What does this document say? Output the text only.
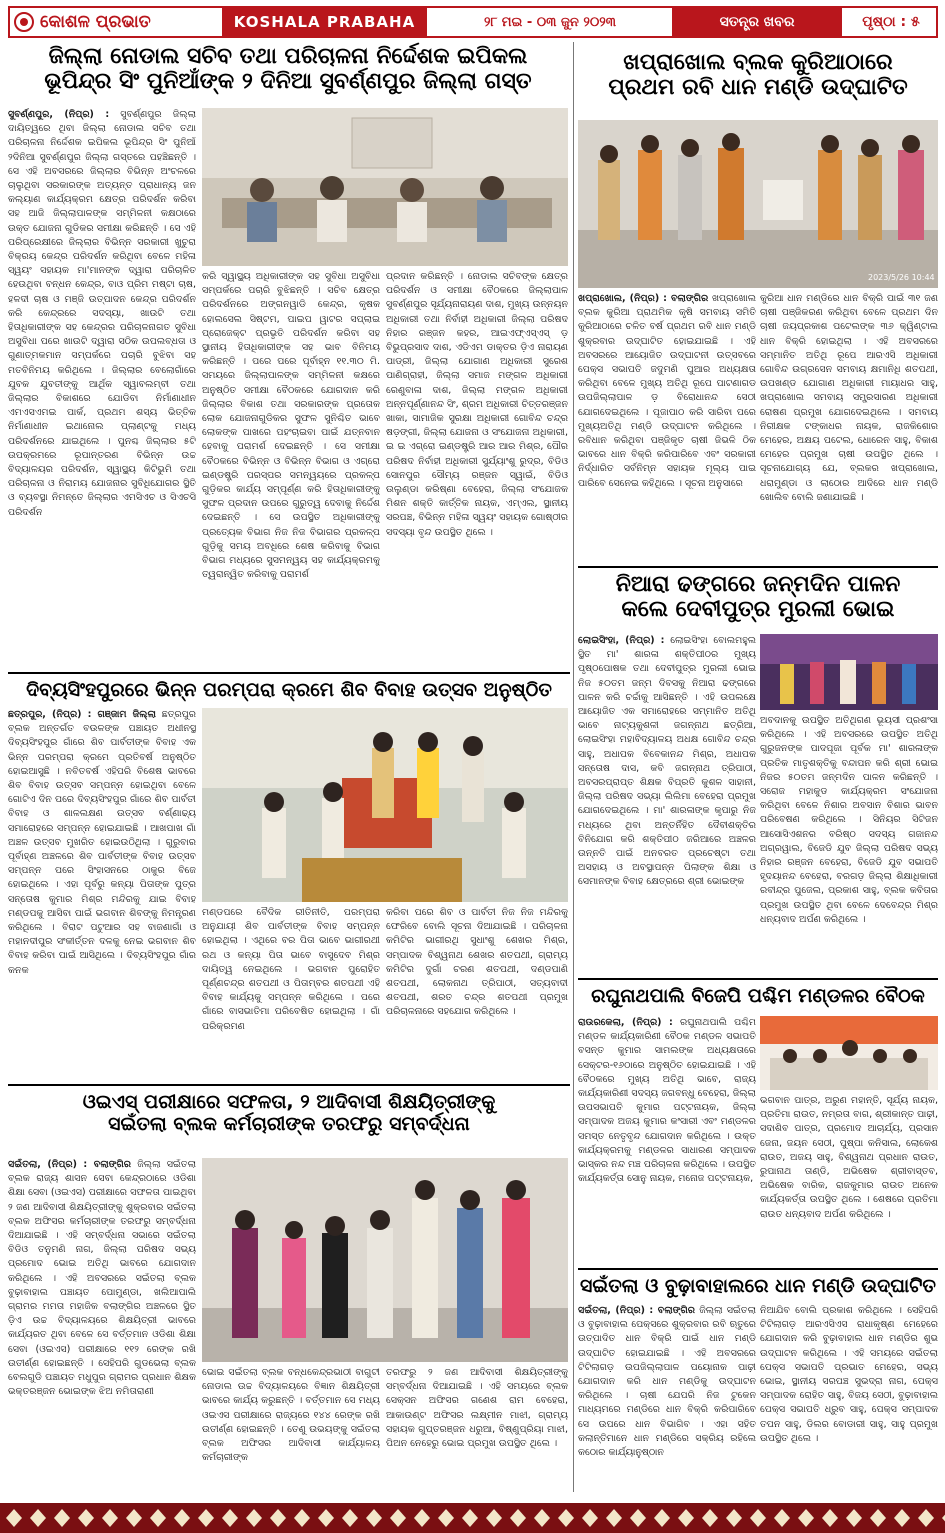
କୋଶଳ ପ୍ରଭାତ	KOSHALA PRABAHA	୨୮ ମଇ - ୦୩ ଜୁନ ୨୦୨୩	ସତନ୍ତ୍ର ଖବର	ପୃଷ୍ଠା : ୫
ଜିଲ୍ଲା ନୋଡାଲ ସଚିବ ତଥା ପରିଚାଳନା ନିର୍ଦ୍ଦେଶକ ଇପିକଲ
ଭୂପିନ୍ଦ୍ର ସିଂ ପୁନିଆଁଙ୍କ ୨ ଦିନିଆ ସୁବର୍ଣ୍ଣପୁର ଜିଲ୍ଲା ଗସ୍ତ
ସୁବର୍ଣ୍ଣପୁର, (ନିପ୍ର) : ସୁବର୍ଣ୍ଣପୁର ଜିଲ୍ଲା ଦାୟିତ୍ୱରେ ଥିବା ଜିଲ୍ଲା ନୋଡାଲ ସଚିବ ତଥା ପରିଚାଳନା ନିର୍ଦ୍ଦେଶକ ଇପିକଲ ଭୂପିନ୍ଦ୍ର ସିଂ ପୁନିଆଁ ୨ଦିନିଆ ସୁବର୍ଣ୍ଣପୁର ଜିଲ୍ଲା ଗସ୍ତରେ ପହଞ୍ଚିଛନ୍ତି । ସେ ଏହି ଅବସରରେ ଜିଲ୍ଲାର ବିଭିନ୍ନ ଅଂଚଳରେ ଚାଲୁଥିବା ସରକାରଙ୍କ ଅତ୍ୟନ୍ତ ପ୍ରାଧାନ୍ୟ ଜନ କଲ୍ୟାଣ କାର୍ଯ୍ୟକ୍ରମ କ୍ଷେତ୍ର ପରିଦର୍ଶନ କରିବା ସହ ଆଜି ଜିଲ୍ଲାପାଳଙ୍କ ସମ୍ମିଳନୀ କକ୍ଷଠାରେ ଉକ୍ତ ଯୋଜନା ଗୁଡିକର ସମୀକ୍ଷା କରିଛନ୍ତି । ସେ ଏହି ପରିପ୍ରେକ୍ଷୀରେ ଜିଲ୍ଲାର ବିଭିନ୍ନ ସରକାରୀ ଖୁଚୁରା ବିକ୍ରୟ କେନ୍ଦ୍ର ପରିଦର୍ଶନ କରିଥିବା ବେଳେ ମହିଳା ସ୍ୱୟଂ ସହାୟକ ମା'ମାନଙ୍କ ଦ୍ୱାରା ପରିଚାଳିତ ହେଉଥିବା ବନ୍ଧନ କେନ୍ଦ୍ର, ବାଓ ପ୍ରିମ ମଷ୍ଟା ଚାଷ, ହଳଦୀ ଚାଷ ଓ ମଞ୍ଜି ଉତ୍ପାଦନ କେନ୍ଦ୍ର ପରିଦର୍ଶନ କରି କେନ୍ଦ୍ରରେ ସଦସ୍ୟା, ଖାଉଟି ତଥା ହିତାଧିକାରୀଙ୍କ ସହ କେନ୍ଦ୍ରର ପରିଚାଳନାଗତ ସୁବିଧା ଅସୁବିଧା ପରେ ଖାଉଟି ଦ୍ୱାରା ସଠିକ ଉପଲବ୍ଧତା ଓ ଗୁଣାତ୍ମକମାନ ସମ୍ପର୍କରେ ପଚାରି ବୁଝିବା ସହ ମତବିନିମୟ କରିଥିଲେ । ଜିଲ୍ଲାର ବେଲୋଗାଁରେ ଯୁବକ ଯୁବତୀଙ୍କୁ ଆର୍ଥିକ ସ୍ୱାବଲମ୍ବୀ ତଥା ଜିଲ୍ଲାର ବିକାଶରେ ଯୋଡିବା ନିର୍ମାଣାଧୀନ ଏମଏସଏମଇ ପାର୍କ, ପ୍ରଥମ ଶସ୍ୟ ଭିତ୍ତିକ ନିର୍ମାଣାଧୀନ ଇଥାନୋଲ ପ୍ଲାଣ୍ଟକୁ ମଧ୍ୟ ପରିଦର୍ଶନରେ ଯାଇଥିଲେ । ପୁନଶ୍ଚ ଜିଲ୍ଲାର ୫ଟି ଉପକ୍ରମରେ ରୂପାନ୍ତରଣ ବିଭିନ୍ନ ଉଚ୍ଚ ବିଦ୍ୟାଳୟର ପରିଦର୍ଶନ, ସ୍ୱାସ୍ଥ୍ୟ କିଟିଭୁମି ତଥା ପରିଚାଳନା ଓ ନିରାମୟ ଯୋଜନାର ସୁବିଧିଯୋଗର ସ୍ଥିତି ଓ ବ୍ୟବସ୍ଥା ନିମନ୍ତେ ଜିଲ୍ଲାର ଏମସିଏଚ ଓ ସିଏଚସି ପରିଦର୍ଶନ
କରି ସ୍ୱାସ୍ଥ୍ୟ ଅଧିକାରୀଙ୍କ ସହ ସୁବିଧା ଅସୁବିଧା ସମ୍ପର୍କରେ ପଚାରି ବୁଝିଛନ୍ତି । ସଚିବ କ୍ଷେତ୍ର ପରିଦର୍ଶନରେ ଅଙ୍ଗନୱାଡି କେନ୍ଦ୍ର, କୃଷକ ହୋଲସେଲ ସିଷ୍ଟମ, ପାଇପ ୱାଟର ସପ୍ଲାଇ ପ୍ରୋଜେକ୍ଟ ପ୍ରଭୃତି ପରିଦର୍ଶନ କରିବା ସହ ସ୍ଥାନୀୟ ହିତାଧିକାରୀଙ୍କ ସହ ଭାବ ବିନିମୟ କରିଛନ୍ତି । ପରେ ପରେ ପୂର୍ବାହ୍ନ ୧୧.୩୦ ମି. ସମୟରେ ଜିଲ୍ଲାପାଳଙ୍କ ସମ୍ମିଳନୀ କକ୍ଷରେ ଅନୁଷ୍ଠିତ ସମୀକ୍ଷା ବୈଠକରେ ଯୋଗଦାନ କରି ଜିଲ୍ଲାର ବିକାଶ ତଥା ସରକାରଙ୍କ ପ୍ରତୋକ ଲୋକ ଯୋଜନାଗୁଡିକର ସୁଫଳ ସୁନିଶ୍ଚିତ ଭାବେ ଲୋକଙ୍କ ପାଖରେ ପହଂଚାଇବା ପାଇଁ ଯତ୍ନବାନ ହେବାକୁ ପରାମର୍ଶ ଦେଇଛନ୍ତି । ସେ ସମୀକ୍ଷା ବୈଠକରେ ବିଭିନ୍ନ ଓ ବିଭିନ୍ନ ବିଭାଗ ଓ ଏଗ୍ରୋ ଇଣ୍ଡଷ୍ଟ୍ରି ପରସ୍ପର ସମନ୍ୱୟରେ ପ୍ରକଳ୍ପ ଗୁଡ଼ିକର କାର୍ଯ୍ୟ ସମ୍ପୂର୍ଣ୍ଣ କରି ହିତାଧିକାରୀଙ୍କୁ ସୁଫଳ ପ୍ରଦାନ ଉପରେ ଗୁରୁତ୍ୱ ଦେବାକୁ ନିର୍ଦ୍ଦେଶ ଦେଇଛନ୍ତି । ସେ ଉପସ୍ଥିତ ଅଧିକାରୀଙ୍କୁ ପ୍ରତ୍ୟେକ ବିଭାଗ ନିଜ ନିଜ ବିଭାଗର ପ୍ରକଳ୍ପ ଗୁଡ଼ିକୁ ସମୟ ଅବଧିରେ ଶେଷ କରିବାକୁ ବିଭାଗ ବିଭାଗ ମଧ୍ୟରେ ସୁସମନ୍ୱୟ ସହ କାର୍ଯ୍ୟକ୍ରମକୁ ତ୍ୱରାନ୍ୱିତ କରିବାକୁ ପରାମର୍ଶ
ପ୍ରଦାନ କରିଛନ୍ତି । ନୋଡାଲ ସଚିବଙ୍କ କ୍ଷେତ୍ର ପରିଦର୍ଶନ ଓ ସମୀକ୍ଷା ବୈଠକରେ ଜିଲ୍ଲାପାଳ ସୁବର୍ଣ୍ଣପୁର ସୂର୍ଯ୍ୟନାରାୟଣ ଦାଶ, ମୁଖ୍ୟ ଉନ୍ନୟନ ଅଧିକାରୀ ତଥା ନିର୍ବାହୀ ଅଧିକାରୀ ଜିଲ୍ଲା ପରିଷଦ ନିହାର ରଞ୍ଜନ କହର, ଆଇଏଫ୍ଏସ୍ଏସ୍ ଡ଼ ବିଭୁପ୍ରସାଦ ଦାଶ, ଏଡିଏମ ଡାକ୍ତର ଡ଼ିଏ ନାରାୟଣ ପାଡ୍ରୀ, ଜିଲ୍ଲା ଯୋଗାଣ ଅଧିକାରୀ ସୁରେଶ ପାଣିଗ୍ରାହୀ, ଜିଲ୍ଲା ସମାଜ ମଙ୍ଗଳ ଅଧିକାରୀ ରେଣୁବାଳା ଦାଶ, ଜିଲ୍ଲା ମଙ୍ଗଳ ଅଧିକାରୀ ଅନ୍ନପୂର୍ଣ୍ଣାନନ୍ଦ ସିଂ, ଶ୍ରମ ଅଧିକାରୀ ଚିତ୍ତରଞ୍ଜନ ଖାକା, ସାମାଜିକ ସୁରକ୍ଷା ଅଧିକାରୀ ଗୋବିନ୍ଦ ଚନ୍ଦ୍ର ଷଡ଼ଙ୍ଗୀ, ଜିଲ୍ଲା ଯୋଜନା ଓ ସଂଯୋଜନା ଅଧିକାରୀ, ଇ ଇ ଏଗ୍ରୋ ଇଣ୍ଡଷ୍ଟ୍ରି ଆର ଆର ମିଶ୍ର, ପୌର ପରିଷଦ ନିର୍ବାହୀ ଅଧିକାରୀ ସୁର୍ଯ୍ୟାଂଶୁ ରୁଦ୍ର, ବିଡିଓ ସୋନପୁର ସୌମ୍ୟ ରଞ୍ଜନ ସ୍ୱାଇଁ, ବିଡିଓ ଉଲୁଣ୍ଡା କରିଷ୍ଣା ବେହେରା, ଜିଲ୍ଲା ସଂଯୋଜକ ମିଶନ ଶକ୍ତି କାର୍ତ୍ତିକ ନାୟକ, ଏମ୍ଏଲ, ସ୍ଥାନୀୟ ସରପଞ୍ଚ, ବିଭିନ୍ନ ମହିଳା ସ୍ୱୟଂ ସହାୟକ ଗୋଷ୍ଠୀର ସଦସ୍ୟା ବୃନ୍ଦ ଉପସ୍ଥିତ ଥିଲେ ।
ଖପ୍ରାଖୋଲ ବ୍ଲକ କୁରିଆଠାରେ
ପ୍ରଥମ ରବି ଧାନ ମଣ୍ଡି ଉଦ୍‌ଘାଟିତ
2023/5/26 10:44
ଖପ୍ରାଖୋଲ, (ନିପ୍ର) : ବଲାଙ୍ଗିର ଖପ୍ରାଖୋଲ ବ୍ଲକ କୁରିଆ ପ୍ରାଥମିକ କୃଷି ସମବାୟ ସମିତି କୁରିଆଠାରେ ଚଳିତ ବର୍ଷ ପ୍ରଥମ ରବି ଧାନ ମଣ୍ଡି ଶୁକ୍ରବାର ଉଦ୍‌ଘାଟିତ ହୋଇଯାଇଛି । ଏହି ଅବସରରେ ଆୟୋଜିତ ଉଦ୍‌ଘାଟନୀ ଉତ୍ସବରେ ପେକ୍ସ ସଭାପତି ଜଦୁମଣି ପୁଆର ଅଧ୍ୟକ୍ଷତା କରିଥିବା ବେଳେ ମୁଖ୍ୟ ଅତିଥି ରୂପେ ପାଟଣାଗଡ ଉପଜିଲ୍ଲାପାଳ ଡ଼ ବିରୋଧାନନ୍ଦ ସେଠୀ ଯୋଗଦେଇଥିଲେ । ପୂଜାପାଠ କରି ସାରିବା ପରେ ମୁଖ୍ୟଅତିଥି ମଣ୍ଡି ଉଦ୍‌ଘାଟନ କରିଥିଲେ । ରବିଧାନ କରିଥିବା ପଞ୍ଜିକୃତ ଚାଷୀ ଜିଭଳି ଠିକ ଭାବରେ ଧାନ ବିକ୍ରି କରିପାରିବେ ଏବଂ ସରକାରୀ ନିର୍ଦ୍ଧାରିତ ସର୍ବନିମ୍ନ ସହାୟକ ମୂଲ୍ୟ ପାଇ ପାରିବେ ସେନେଇ କହିଥିଲେ । ସୂଚନା ଅନୁସାରେ
କୁରିଆ ଧାନ ମଣ୍ଡିରେ ଧାନ ବିକ୍ରି ପାଇଁ ୩୧ ଜଣ ଚାଷୀ ପଞ୍ଜିକରଣ କରିଥିବା ବେଳେ ପ୍ରଥମ ଦିନ ଚାଷୀ ଜୟପ୍ରକାଶ ପଟେଲଙ୍କ ୩୬ କ୍ୱିଣ୍ଟାଲ ଧାନ ବିକ୍ରି ହୋଇଥିଲା । ଏହି ଅବସରରେ ସମ୍ମାନିତ ଅତିଥି ରୂପେ ଆରଏସି ଅଧିକାରୀ ଗୋବିନ୍ଦ ଉଗ୍ରସେନ ସମବାୟ କ୍ଷମାନିଧି ଶତପଥୀ, ଉପଖଣ୍ଡ ଯୋଗାଣ ଅଧିକାରୀ ମାୟାଧର ସାହୁ, ଖପ୍ରାଖୋଲ ସମବାୟ ସମ୍ପ୍ରସାରଣ ଅଧିକାରୀ ରୋଷଣ ପ୍ରମୁଖ ଯୋଗଦେଇଥିଲେ । ସମବାୟ ନିରୀକ୍ଷକ ଟଙ୍କାଧର ନାୟକ, ରାଜକିଶୋର ମେହେର, ଅକ୍ଷୟ ପଟେଲ, ଧୋରେନ ସାହୁ, ବିକାଶ ମେହେର ପ୍ରମୁଖ ଚାଷୀ ଉପସ୍ଥିତ ଥିଲେ । ସୂଚନାଯୋଗ୍ୟ ଯେ, ବ୍ଲକର ଖପ୍ରାଖୋଲ, ଧରାମୁଣ୍ଡା ଓ ଲାଠୋର ଆଦିରେ ଧାନ ମଣ୍ଡି ଖୋଲିବ ବୋଲି ଜଣାଯାଇଛି ।
ନିଆରା ଢଙ୍ଗରେ ଜନ୍ମଦିନ ପାଳନ
କଲେ ଦେବୀପୁତ୍ର ମୁରଲୀ ଭୋଇ
ଲୋଇସିଂହା, (ନିପ୍ର) : ଲୋଇସିଂହା ବୋଲମହୁଲ ସ୍ଥିତ ମା' ଶାରଳା ଶକ୍ତିପୀଠର ମୁଖ୍ୟ ପୃଷ୍ଠପୋଷକ ତଥା ଦେବୀପୁତ୍ର ମୁରଲୀ ଭୋଇ ନିଜ ୫୦ତମ ଜନ୍ମ ଦିବସକୁ ନିଆରା ଢଙ୍ଗରେ ପାଳନ କରି ଚର୍ଚ୍ଚାକୁ ଆସିଛନ୍ତି । ଏହି ଉପଲକ୍ଷେ ଆୟୋଜିତ ଏକ ସମାରୋହରେ ସମ୍ମାନିତ ଅତିଥି ଭାବେ ନାଟ୍ୟକୁଶଳୀ ଜଗନ୍ନାଥ ଛତ୍ରିଆ, ଲୋଇସିଂହା ମହାବିଦ୍ୟାଳୟ ଅଧକ୍ଷ ଗୋବିନ୍ଦ ଚନ୍ଦ୍ର ସାହୁ, ଅଧାପକ ବିବେକାନନ୍ଦ ମିଶ୍ର, ଅଧାପକ ସନ୍ତୋଷ ଦାସ, କବି ଜଗନ୍ନାଥ ତ୍ରିପାଠୀ, ଅବସରପ୍ରାପ୍ତ ଶିକ୍ଷକ ବିପ୍ରତି କୁଶଳ ସାହାନୀ, ଜିଲ୍ଲା ପରିଷଦ ସଭ୍ୟା ଲିଲିମା ବେହେରା ପ୍ରମୁଖ ଯୋଗଦେଇଥିଲେ । ମା' ଶାରଳାଙ୍କ କୃପାରୁ ନିଜ ମଧ୍ୟରେ ଥିବା ଅନ୍ତର୍ନିହିତ ଦୈବୀଶକ୍ତିର ବିନିଯୋଗ କରି ଶକ୍ତିପୀଠ ଜରିଆରେ ଅଞ୍ଚଳର ଉନ୍ନତି ପାଇଁ ଅନବରତ ପ୍ରଚେଷ୍ଟା ତଥା ଅସହାୟ ଓ ଅବସ୍ଥାପନ୍ନ ପିଲାଙ୍କ ଶିକ୍ଷା ଓ ସେମାନଙ୍କ ବିବାହ କ୍ଷେତ୍ରରେ ଶ୍ରୀ ଭୋଇଙ୍କ
ଅବଦାନକୁ ଉପସ୍ଥିତ ଅତିଥିଗଣ ଭୂୟସୀ ପ୍ରଶଂସା କରିଥିଲେ । ଏହି ଅବସରରେ ଉପସ୍ଥିତ ଅତିଥି ଗୁରୁଜନଙ୍କ ପାଦପୂଜା ପୂର୍ବକ ମା' ଶାରଳାଙ୍କ ପ୍ରତିକ ମାତୃଶକ୍ତିକୁ ବନ୍ଦାପନ କରି ଶ୍ରୀ ଭୋଇ ନିଜର ୫୦ତମ ଜନ୍ମଦିନ ପାଳନ କରିଛନ୍ତି । ସରୋଜ ମହାକୁଡ କାର୍ଯ୍ୟକ୍ରମ ସଂଯୋଜନା କରିଥିବା ବେଳେ ନିଶାର ଅବସାନ ବିଶାର ଭାବନ ପରିବେଷଣ କରିଥିଲେ । ସିନିୟର ସିଟିଜନ ଆସୋସିଏଶନର ବରିଷ୍ଠ ସଦସ୍ୟ ଗଜାନନ୍ଦ ଅଗ୍ରୱାଲ, ବିଜେଡି ଯୁବ ଜିଲ୍ଲା ପରିଷଦ ସଭ୍ୟ ନିହାର ରଞ୍ଜନ ବେହେରା, ବିଜେଡି ଯୁବ ସଭାପତି ହୃଦୟାନନ୍ଦ ବେହେରା, ବରଗଡ଼ ଜିଲ୍ଲା ଶିକ୍ଷାଧିକାରୀ ରବୀନ୍ଦ୍ର ପୁଜେଲ, ପ୍ରକାଶ ସାହୁ, ବ୍ଲକ କବିତାର ପ୍ରମୁଖ ଉପସ୍ଥିତ ଥିବା ବେଳେ ଦେବେନ୍ଦ୍ର ମିଶ୍ର ଧନ୍ୟବାଦ ଅର୍ପଣ କରିଥିଲେ ।
ଦିବ୍ୟସିଂହପୁରରେ ଭିନ୍ନ ପରମ୍ପରା କ୍ରମେ ଶିବ ବିବାହ ଉତ୍ସବ ଅନୁଷ୍ଠିତ
ଛତ୍ରପୁର, (ନିପ୍ର) : ଗଞ୍ଜାମ ଜିଲ୍ଲା ଛତ୍ରପୁର ବ୍ଲକ ଅନ୍ତର୍ଗତ ବଉଳଙ୍କ ପଞ୍ଚାୟତ ଅଧୀନସ୍ଥ ଦିବ୍ୟସିଂହପୁର ଗାଁରେ ଶିବ ପାର୍ବତୀଙ୍କ ବିବାହ ଏକ ଭିନ୍ନ ପରମ୍ପରା କ୍ରମେ ପ୍ରତିବର୍ଷ ଅନୁଷ୍ଠିତ ହୋଇଆସୁଛି । ନବିତବର୍ଷ ଏହିପରି ବିଶେଷ ଭାବରେ ଶିବ ବିବାହ ଉତ୍ସବ ସମ୍ପନ୍ନ ହୋଇଥିବା ବେଳେ ଗୋଟିଏ ଦିନ ପରେ ଦିବ୍ୟସିଂହପୁର ଗାଁରେ ଶିବ ପାର୍ବତୀ ବିବାହ ଓ ଶାଳଲକ୍ଷଣ ଉତ୍ସବ ବର୍ଣ୍ଣାଢ୍ୟ ସମାରୋହରେ ସମ୍ପନ୍ନ ହୋଇଯାଇଛି । ଆଖପାଖ ଗାଁ ଅଞ୍ଚଳ ଉତ୍ସବ ମୁଖରିତ ହୋଇଉଠିଥିଲା । ଗୁରୁବାର ପୂର୍ବାହ୍ଣ ଅଞ୍ଚଳରେ ଶିବ ପାର୍ବତୀଙ୍କ ବିବାହ ଉତ୍ସବ ସମ୍ପନ୍ନ ପରେ ସିଂହାସନରେ ଠାକୁର ବିଜେ ହୋଇଥିଲେ । ଏହା ପୂର୍ବରୁ କନ୍ୟା ପିତାଙ୍କ ପୁତ୍ର ସନ୍ତୋଷ କୁମାର ମିଶ୍ର ମନ୍ଦିରକୁ ଯାଇ ବିବାହ ମଣ୍ଡପକୁ ଆସିବା ପାଇଁ ଭଗବାନ ଶିବଙ୍କୁ ନିମନ୍ତ୍ରଣ କରିଥିଲେ । ବିରାଟ ପଟୁଆର ସହ ବାଜଣାଗାଁ ଓ ମହାନଦୀପୁର ସଂକୀର୍ତ୍ତନ ଦଳକୁ ନେଇ ଭଗବାନ ଶିବ ବିବାହ କରିବା ପାଇଁ ଆସିଥିଲେ । ଦିବ୍ୟସିଂହପୁର ଗାଁର କନକ
ମଣ୍ଡପରେ ବୈଦିକ ରୀତିନୀତି, ପରମ୍ପରା ଅନୁଯାୟୀ ଶିବ ପାର୍ବତୀଙ୍କ ବିବାହ ସମ୍ପନ୍ନ ହୋଇଥିଲା । ଏଥିରେ ବର ପିତା ଭାବେ ଭାଗୀରଥୀ ରଥ ଓ କନ୍ୟା ପିତା ଭାବେ ବାସୁଦେବ ମିଶ୍ର ଦାୟିତ୍ୱ ନେଇଥିଲେ । ଭଗବାନ ପୁରୋହିତ ପୂର୍ଣ୍ଣଚନ୍ଦ୍ର ଶତପଥୀ ଓ ପିତାମ୍ବର ଶତପଥୀ ଏହି ବିବାହ କାର୍ଯ୍ୟକୁ ସମ୍ପନ୍ନ କରିଥିଲେ । ପରେ ଗାଁରେ ବାସଭାତିମା ପରିବେଷିତ ହୋଇଥିଲା । ଗାଁ ପରିକ୍ରମଣ
କରିବା ପରେ ଶିବ ଓ ପାର୍ବତୀ ନିଜ ନିଜ ମନ୍ଦିରକୁ ଫେରିବେ ବୋଲି ସୂଚନା ଦିଆଯାଇଛି । ପରିଚାଳନା କମିଟିର ଭାଗୀରଥି ସୁଧାଂଶୁ ଶେଖର ମିଶ୍ର, ସମ୍ପାଦକ ବିଶ୍ୱନାଥ ଶେଖର ଶତପଥୀ, ଗ୍ରାମ୍ୟ କମିଟିର ଦୁର୍ଗା ଚରଣ ଶତପଥୀ, ଦଣ୍ଡପାଣି ଶତପଥୀ, ଲୋକନାଥ ତ୍ରିପାଠୀ, ସତ୍ୟବାଦୀ ଶତପଥୀ, ଶରତ ଚନ୍ଦ୍ର ଶତପଥୀ ପ୍ରମୁଖ ପରିଚାଳନାରେ ସହଯୋଗ କରିଥିଲେ ।
ରଘୁନାଥପାଲି ବିଜେପି ପଶ୍ଚିମ ମଣ୍ଡଳର ବୈଠକ
ରାଉରକେଲା, (ନିପ୍ର) : ରଘୁନାଥପାଲି ପଶ୍ଚିମ ମଣ୍ଡଳ କାର୍ଯ୍ୟକାରିଣୀ ବୈଠକ ମଣ୍ଡଳ ସଭାପତି ବସନ୍ତ କୁମାର ସାମଲଙ୍କ ଅଧ୍ୟକ୍ଷତାରେ ସେକ୍ଟର-୧୬ଠାରେ ଅନୁଷ୍ଠିତ ହୋଇଯାଇଛି । ଏହି ବୈଠକରେ ମୁଖ୍ୟ ଅତିଥି ଭାବେ, ରାଜ୍ୟ କାର୍ଯ୍ୟକାରିଣୀ ସଦସ୍ୟ ଜଗବନ୍ଧୁ ବେହେରା, ଜିଲ୍ଲା ଉପସଭାପତି କୁମାର ପଟ୍ଟନାୟକ, ଜିଲ୍ଲା ସମ୍ପାଦକ ଅଜୟ କୁମାର କଂସାରୀ ଏବଂ ମଣ୍ଡଳର ସମସ୍ତ ନେତୃବୃନ୍ଦ ଯୋଗଦାନ କରିଥିଲେ । ଉକ୍ତ କାର୍ଯ୍ୟକ୍ରମକୁ ମଣ୍ଡଳର ସାଧାରଣ ସମ୍ପାଦକ ଭାସ୍କର ନନ୍ଦ ମଞ୍ଚ ପରିଚାଳନା କରିଥିଲେ । ଉପସ୍ଥିତ କାର୍ଯ୍ୟକର୍ତ୍ତା ସୋନୁ ନାୟକ, ମନୋଜ ପଟ୍ଟନାୟକ,
ଭଗବାନ ପାତ୍ର, ଅରୁଣ ମହାନ୍ତି, ସୂର୍ଯ୍ୟ ନାୟକ, ପ୍ରତିମା ରାଉତ, ନମ୍ରତା ବାଗ, ଶ୍ରୀକାନ୍ତ ପାଢ଼ୀ, ସଦାଶିବ ପାତ୍ର, ପ୍ରମୋଦ ଆଚାର୍ଯ୍ୟ, ପ୍ରସାନ ଜେନା, ଜୟନ ସେଠୀ, ପୁଷ୍ପା କନିସାଲ, ଲୋକେଶ ରାଉତ, ଅଜୟ ସାହୁ, ବିଶ୍ୱନାଥ ପ୍ରଧାନ ରାଉତ, ରୁପାନାଥ ତାଣ୍ଡି, ଅଭିଷେକ ଶ୍ରୀବାସ୍ତବ, ଅଭିଷେକ ବାରିକ, ରାଜକୁମାର ରାଉତ ଅନେକ କାର୍ଯ୍ୟକର୍ତ୍ତା ଉପସ୍ଥିତ ଥିଲେ । ଶେଷରେ ପ୍ରତିମା ରାଉତ ଧନ୍ୟବାଦ ଅର୍ପଣ କରିଥିଲେ ।
ଓଇଏସ୍ ପରୀକ୍ଷାରେ ସଫଳତା, ୨ ଆଦିବାସୀ ଶିକ୍ଷୟିତ୍ରୀଙ୍କୁ
ସଇଁତଲା ବ୍ଲକ କର୍ମଚାରୀଙ୍କ ତରଫରୁ ସମ୍ବର୍ଦ୍ଧନା
ସଇଁତଲା, (ନିପ୍ର) : ବଲାଙ୍ଗିର ଜିଲ୍ଲା ସଇଁତଲା ବ୍ଲକ ରାଜ୍ୟ ଶାସନ ସେବା କେନ୍ଦ୍ରଠାରେ ଓଡିଶା ଶିକ୍ଷା ସେବା (ଓଇଏସ) ପରୀକ୍ଷାରେ ସଫଳତା ପାଇଥିବା ୨ ଜଣ ଆଦିବାସୀ ଶିକ୍ଷୟିତ୍ରୀଙ୍କୁ ଶୁକ୍ରବାର ସଇଁତଲା ବ୍ଲକ ଅଫିସର କର୍ମଚାରୀଙ୍କ ତରଫରୁ ସମ୍ବର୍ଦ୍ଧନା ଦିଆଯାଇଛି । ଏହି ସମ୍ବର୍ଦ୍ଧନା ସଭାରେ ସଇଁତଲା ବିଡିଓ ତନୁମଣି ନାଗ, ଜିଲ୍ଲା ପରିଷଦ ସଭ୍ୟ ପ୍ରମୋଦ ଭୋଇ ଅତିଥି ଭାବରେ ଯୋଗଦାନ କରିଥିଲେ । ଏହି ଅବସରରେ ସଇଁତଲା ବ୍ଲକ ବୁଢ଼ାବାହାଲ ପଞ୍ଚାୟତ ପୋମୁଣ୍ଡା, ଖଲିଆପାଲି ଗ୍ରାମର ମମତା ମହାଜିକ ବଲାଙ୍ଗିର ଅଞ୍ଚଳରେ ସ୍ଥିତ ଡ଼ିଏ ଉଚ୍ଚ ବିଦ୍ୟାଳୟରେ ଶିକ୍ଷୟିତ୍ରୀ ଭାବରେ କାର୍ଯ୍ୟରତ ଥିବା ବେଳେ ସେ ବର୍ତ୍ତମାନ ଓଡିଶା ଶିକ୍ଷା ସେବା (ଓଇଏସ) ପରୀକ୍ଷାରେ ୧୧୨ ରେଙ୍କ ରଖି ଉତୀର୍ଣ୍ଣ ହୋଇଛନ୍ତି । ସେହିପରି ଗୁଡଭେଲା ବ୍ଲକ ବେଲଗୁଡି ପଞ୍ଚାୟତ ମଧୁପୁର ଗ୍ରାମର ପ୍ରଧାନ ଶିକ୍ଷକ ଭକ୍ତରଞ୍ଜନ ଭୋଇଙ୍କ ଝିଅ ନମିତାରାଣୀ
ଭୋଇ ସଇଁତଲା ବ୍ଲକ ବନ୍ଧକେନ୍ଦ୍ରଭାଠୀ ବାଗୁଟୀ ନୋଡାଲ ଉଚ୍ଚ ବିଦ୍ୟାଳୟରେ ବିଜ୍ଞାନ ଶିକ୍ଷୟିତ୍ରୀ ଭାବରେ କାର୍ଯ୍ୟ କରୁଛନ୍ତି । ବର୍ତ୍ତମାନ ସେ ମଧ୍ୟ ଓଇଏସ ପରୀକ୍ଷାରେ ରାଜ୍ୟରେ ୧୪୪ ରେଙ୍କ ରଖି ଉତୀର୍ଣ୍ଣ ହୋଇଛନ୍ତି । ତେଣୁ ଉଭୟଙ୍କୁ ସଇଁତଲା ବ୍ଲକ ଅଫିସର ଆଦିବାସୀ କାର୍ଯ୍ୟାଳୟ କର୍ମଚାରୀଙ୍କ
ତରଫରୁ ୨ ଜଣ ଆଦିବାସୀ ଶିକ୍ଷୟିତ୍ରୀଙ୍କୁ ସମ୍ବର୍ଦ୍ଧନା ଦିଆଯାଇଛି । ଏହି ସମୟରେ ବ୍ଲକ ସେକ୍ସନ ଅଫିସର ଗଣେଶ ରାମ ବେହେରା, ଆକାଉଣ୍ଟ ଅଫିସର ଲକ୍ଷ୍ମୀନ ମାଝୀ, ଗ୍ରାମ୍ୟ ସହାୟକ ଗୁପ୍ତରଞ୍ଜନ ଧରୁଆ, ବିଷ୍ଣୁପ୍ରିୟା ମାଝୀ, ପିଅନ ନେହେରୁ ଭୋଇ ପ୍ରମୁଖ ଉପସ୍ଥିତ ଥିଲେ ।
ସଇଁତଲା ଓ ବୁଢ଼ାବାହାଲରେ ଧାନ ମଣ୍ଡି ଉଦ୍‌ଘାଟିତ
ସଇଁତଲା, (ନିପ୍ର) : ବଲାଙ୍ଗିର ଜିଲ୍ଲା ସଇଁତଲା ଓ ବୁଢ଼ାବାହାଲ ପେକ୍ସରେ ଶୁକ୍ରବାର ରବି ଋତୁରେ ଉତ୍ପାଦିତ ଧାନ ବିକ୍ରି ପାଇଁ ଧାନ ମଣ୍ଡି ଉଦ୍‌ଘାଟିତ ହୋଇଯାଇଛି । ଏହି ଅବସରରେ ଟିଟିଲାଗଡ଼ ଉପଜିଲ୍ଲାପାଳ ପୟୋନାକ ପାଢ଼ୀ ଯୋଗଦାନ କରି ଧାନ ମଣ୍ଡିକୁ ଉଦ୍‌ଘାଟନ କରିଥିଲେ । ଚାଷୀ ଯେପରି ନିଜ ଟୁକେନ ମାଧ୍ୟମରେ ମଣ୍ଡିରେ ଧାନ ବିକ୍ରି କରିପାରିବେ ସେ ଉପରେ ଧାନ ବିଭାଗିବ । ଏହା ସହିତ କଲାନ୍ତିମାନେ ଧାନ ମଣ୍ଡିରେ ସକ୍ରିୟ ରହିଲେ କଠୋର କାର୍ଯ୍ୟାନୁଷ୍ଠାନ
ନିଆଯିବ ବୋଲି ପ୍ରକାଶ କରିଥିଲେ । ସେହିପରି ଟିଟିଲାଗଡ଼ ଆରଏସିଏସ ରାଧାକୃଷ୍ଣ ମେହେରେ ଯୋଗଦାନ କରି ବୁଢ଼ାବାହାଲ ଧାନ ମଣ୍ଡିର ଶୁଭ ଉଦ୍‌ଘାଟନ କରିଥିଲେ । ଏହି ସମୟରେ ସଇଁତଲା ପେକ୍ସ ସଭାପତି ପ୍ରଭାତ ମେହେର, ସଭ୍ୟ ଭୋଇ, ସ୍ଥାନୀୟ ସରପଞ୍ଚ ସୁଭଦ୍ରା ନାଗ, ପେକ୍ସ ସମ୍ପାଦକ ରୋହିତ ସାହୁ, ବିଜୟ ସେଠୀ, ବୁଢ଼ାବାହାଲ ପେକ୍ସ ସଭାପତି ଧ୍ରୁବ ସାହୁ, ପେକ୍ସ ସମ୍ପାଦକ ତପନ ସାହୁ, ଡିଲର ବୋଡାରୀ ସାହୁ, ସାହୁ ପ୍ରମୁଖ ଉପସ୍ଥିତ ଥିଲେ ।
